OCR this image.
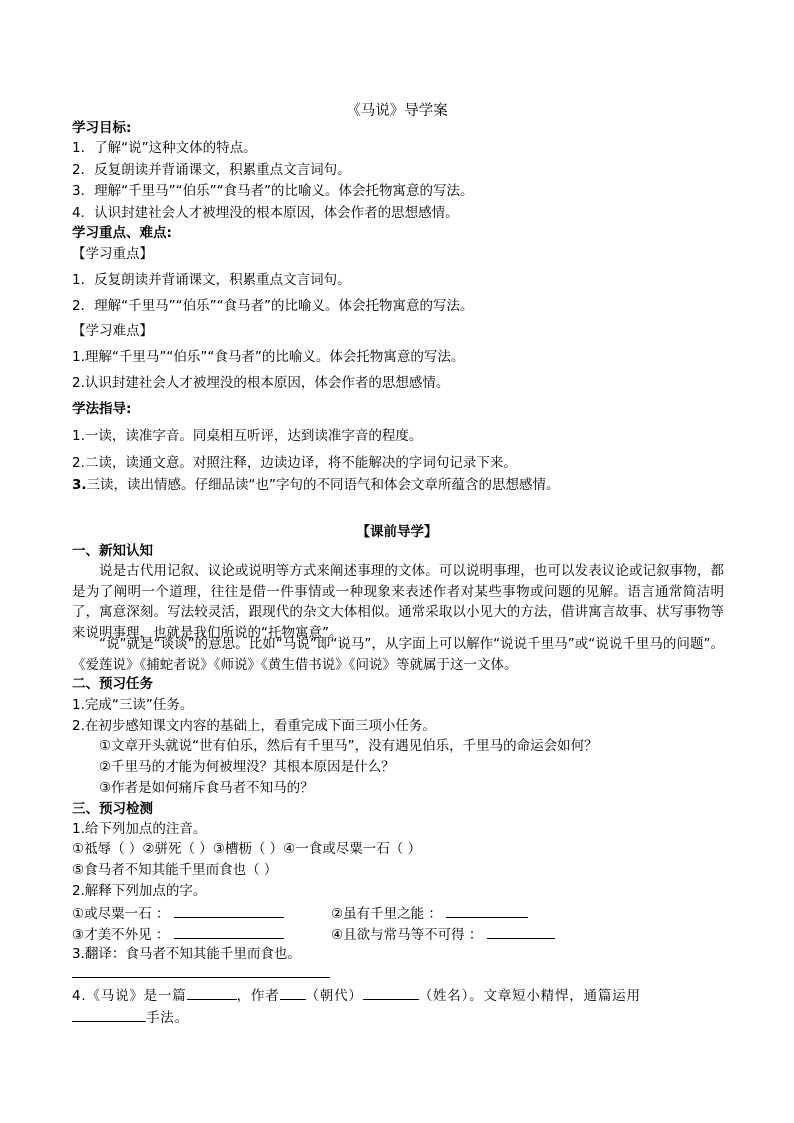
《马说》导学案
学习目标:
1．了解“说”这种文体的特点。
2．反复朗读并背诵课文，积累重点文言词句。
3．理解“千里马”“伯乐”“食马者”的比喻义。体会托物寓意的写法。
4．认识封建社会人才被埋没的根本原因，体会作者的思想感情。
学习重点、难点:
【学习重点】
1．反复朗读并背诵课文，积累重点文言词句。
2．理解“千里马”“伯乐”“食马者”的比喻义。体会托物寓意的写法。
【学习难点】
1.理解“千里马”“伯乐”“食马者”的比喻义。体会托物寓意的写法。
2.认识封建社会人才被埋没的根本原因，体会作者的思想感情。
学法指导:
1.一读，读准字音。同桌相互听评，达到读准字音的程度。
2.二读，读通文意。对照注释，边读边译，将不能解决的字词句记录下来。
3.三读，读出情感。仔细品读“也”字句的不同语气和体会文章所蕴含的思想感情。
【课前导学】
一、新知认知
说是古代用记叙、议论或说明等方式来阐述事理的文体。可以说明事理，也可以发表议论或记叙事物，都是为了阐明一个道理，往往是借一件事情或一种现象来表述作者对某些事物或问题的见解。语言通常简洁明了，寓意深刻。写法较灵活，跟现代的杂文大体相似。通常采取以小见大的方法，借讲寓言故事、状写事物等来说明事理，也就是我们所说的“托物寓意”。
“说”就是“谈谈”的意思。比如“马说”即“说马”，从字面上可以解作“说说千里马”或“说说千里马的问题”。《爱莲说》《捕蛇者说》《师说》《黄生借书说》《问说》等就属于这一文体。
二、预习任务
1.完成“三读”任务。
2.在初步感知课文内容的基础上，看重完成下面三项小任务。
①文章开头就说“世有伯乐，然后有千里马”，没有遇见伯乐，千里马的命运会如何？
②千里马的才能为何被埋没？其根本原因是什么？
③作者是如何痛斥食马者不知马的？
三、预习检测
1.给下列加点的注音。
①祗辱（ ）②骈死（ ）③槽枥（ ）④一食或尽粟一石（ ）
⑤食马者不知其能千里而食也（ ）
2.解释下列加点的字。
①或尽粟一石 ：	②虽有千里之能 ：
③才美不外见 ：	④且欲与常马等不可得 ：
3.翻译：食马者不知其能千里而食也。
4.《马说》是一篇	，作者 （朝代）	（姓名）。文章短小精悍，通篇运用
手法。
